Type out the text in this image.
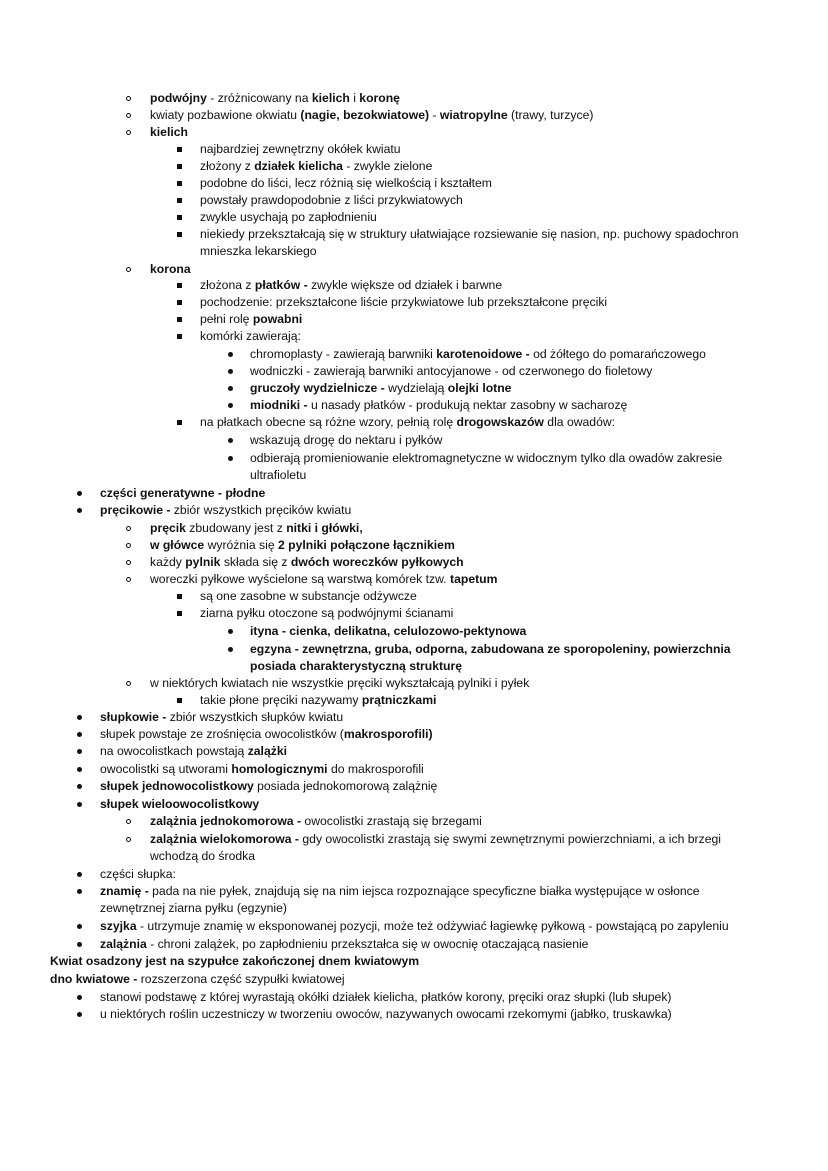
podwójny - zróżnicowany na kielich i koronę
kwiaty pozbawione okwiatu (nagie, bezokwiatowe) - wiatropylne (trawy, turzyce)
kielich
najbardziej zewnętrzny okółek kwiatu
złożony z działek kielicha - zwykle zielone
podobne do liści, lecz różnią się wielkością i kształtem
powstały prawdopodobnie z liści przykwiatowych
zwykle usychają po zapłodnieniu
niekiedy przekształcają się w struktury ułatwiające rozsiewanie się nasion, np. puchowy spadochron
mnieszka lekarskiego
korona
złożona z płatków - zwykle większe od działek i barwne
pochodzenie: przekształcone liście przykwiatowe lub przekształcone pręciki
pełni rolę powabni
komórki zawierają:
chromoplasty - zawierają barwniki karotenoidowe - od żółtego do pomarańczowego
wodniczki - zawierają barwniki antocyjanowe - od czerwonego do fioletowy
gruczoły wydzielnicze - wydzielają olejki lotne
miodniki - u nasady płatków - produkują nektar zasobny w sacharozę
na płatkach obecne są różne wzory, pełnią rolę drogowskazów dla owadów:
wskazują drogę do nektaru i pyłków
odbierają promieniowanie elektromagnetyczne w widocznym tylko dla owadów zakresie
ultrafioletu
części generatywne - płodne
pręcikowie - zbiór wszystkich pręcików kwiatu
pręcik zbudowany jest z nitki i główki,
w główce wyróżnia się 2 pylniki połączone łącznikiem
każdy pylnik składa się z dwóch woreczków pyłkowych
woreczki pyłkowe wyścielone są warstwą komórek tzw. tapetum
są one zasobne w substancje odżywcze
ziarna pyłku otoczone są podwójnymi ścianami
ityna - cienka, delikatna, celulozowo-pektynowa
egzyna - zewnętrzna, gruba, odporna, zabudowana ze sporopoleniny, powierzchnia
posiada charakterystyczną strukturę
w niektórych kwiatach nie wszystkie pręciki wykształcają pylniki i pyłek
takie płone pręciki nazywamy prątniczkami
słupkowie - zbiór wszystkich słupków kwiatu
słupek powstaje ze zrośnięcia owocolistków (makrosporofili)
na owocolistkach powstają zalążki
owocolistki są utworami homologicznymi do makrosporofili
słupek jednowocolistkowy posiada jednokomorową zalążnię
słupek wieloowocolistkowy
zalążnia jednokomorowa - owocolistki zrastają się brzegami
zalążnia wielokomorowa - gdy owocolistki zrastają się swymi zewnętrznymi powierzchniami, a ich brzegi
wchodzą do środka
części słupka:
znamię - pada na nie pyłek, znajdują się na nim iejsca rozpoznające specyficzne białka występujące w osłonce
zewnętrznej ziarna pyłku (egzynie)
szyjka - utrzymuje znamię w eksponowanej pozycji, może też odżywiać łagiewkę pyłkową - powstającą po zapyleniu
zalążnia - chroni zalążek, po zapłodnieniu przekształca się w owocnię otaczającą nasienie
Kwiat osadzony jest na szypułce zakończonej dnem kwiatowym
dno kwiatowe - rozszerzona część szypułki kwiatowej
stanowi podstawę z której wyrastają okółki działek kielicha, płatków korony, pręciki oraz słupki (lub słupek)
u niektórych roślin uczestniczy w tworzeniu owoców, nazywanych owocami rzekomymi (jabłko, truskawka)
